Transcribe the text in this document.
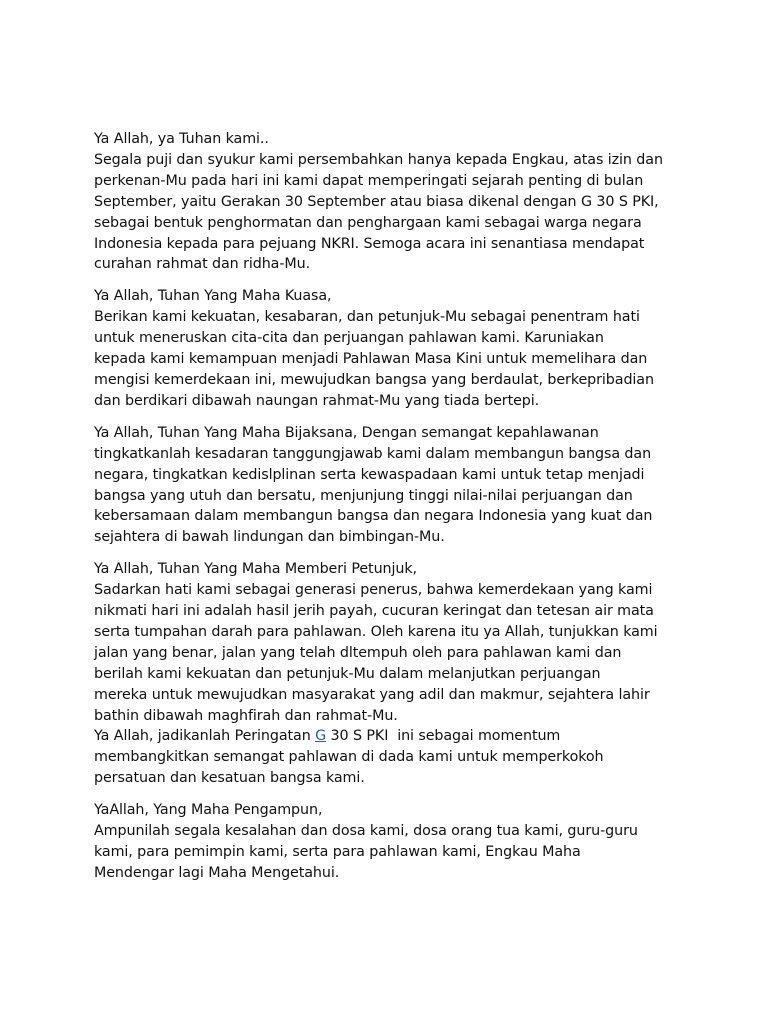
Ya Allah, ya Tuhan kami..
Segala puji dan syukur kami persembahkan hanya kepada Engkau, atas izin dan
perkenan-Mu pada hari ini kami dapat memperingati sejarah penting di bulan
September, yaitu Gerakan 30 September atau biasa dikenal dengan G 30 S PKI,
sebagai bentuk penghormatan dan penghargaan kami sebagai warga negara
Indonesia kepada para pejuang NKRI. Semoga acara ini senantiasa mendapat
curahan rahmat dan ridha-Mu.

Ya Allah, Tuhan Yang Maha Kuasa,
Berikan kami kekuatan, kesabaran, dan petunjuk-Mu sebagai penentram hati
untuk meneruskan cita-cita dan perjuangan pahlawan kami. Karuniakan
kepada kami kemampuan menjadi Pahlawan Masa Kini untuk memelihara dan
mengisi kemerdekaan ini, mewujudkan bangsa yang berdaulat, berkepribadian
dan berdikari dibawah naungan rahmat-Mu yang tiada bertepi.

Ya Allah, Tuhan Yang Maha Bijaksana, Dengan semangat kepahlawanan
tingkatkanlah kesadaran tanggungjawab kami dalam membangun bangsa dan
negara, tingkatkan kedislplinan serta kewaspadaan kami untuk tetap menjadi
bangsa yang utuh dan bersatu, menjunjung tinggi nilai-nilai perjuangan dan
kebersamaan dalam membangun bangsa dan negara Indonesia yang kuat dan
sejahtera di bawah lindungan dan bimbingan-Mu.

Ya Allah, Tuhan Yang Maha Memberi Petunjuk,
Sadarkan hati kami sebagai generasi penerus, bahwa kemerdekaan yang kami
nikmati hari ini adalah hasil jerih payah, cucuran keringat dan tetesan air mata
serta tumpahan darah para pahlawan. Oleh karena itu ya Allah, tunjukkan kami
jalan yang benar, jalan yang telah dltempuh oleh para pahlawan kami dan
berilah kami kekuatan dan petunjuk-Mu dalam melanjutkan perjuangan
mereka untuk mewujudkan masyarakat yang adil dan makmur, sejahtera lahir
bathin dibawah maghfirah dan rahmat-Mu.
Ya Allah, jadikanlah Peringatan G 30 S PKI  ini sebagai momentum
membangkitkan semangat pahlawan di dada kami untuk memperkokoh
persatuan dan kesatuan bangsa kami.

YaAllah, Yang Maha Pengampun,
Ampunilah segala kesalahan dan dosa kami, dosa orang tua kami, guru-guru
kami, para pemimpin kami, serta para pahlawan kami, Engkau Maha
Mendengar lagi Maha Mengetahui.
